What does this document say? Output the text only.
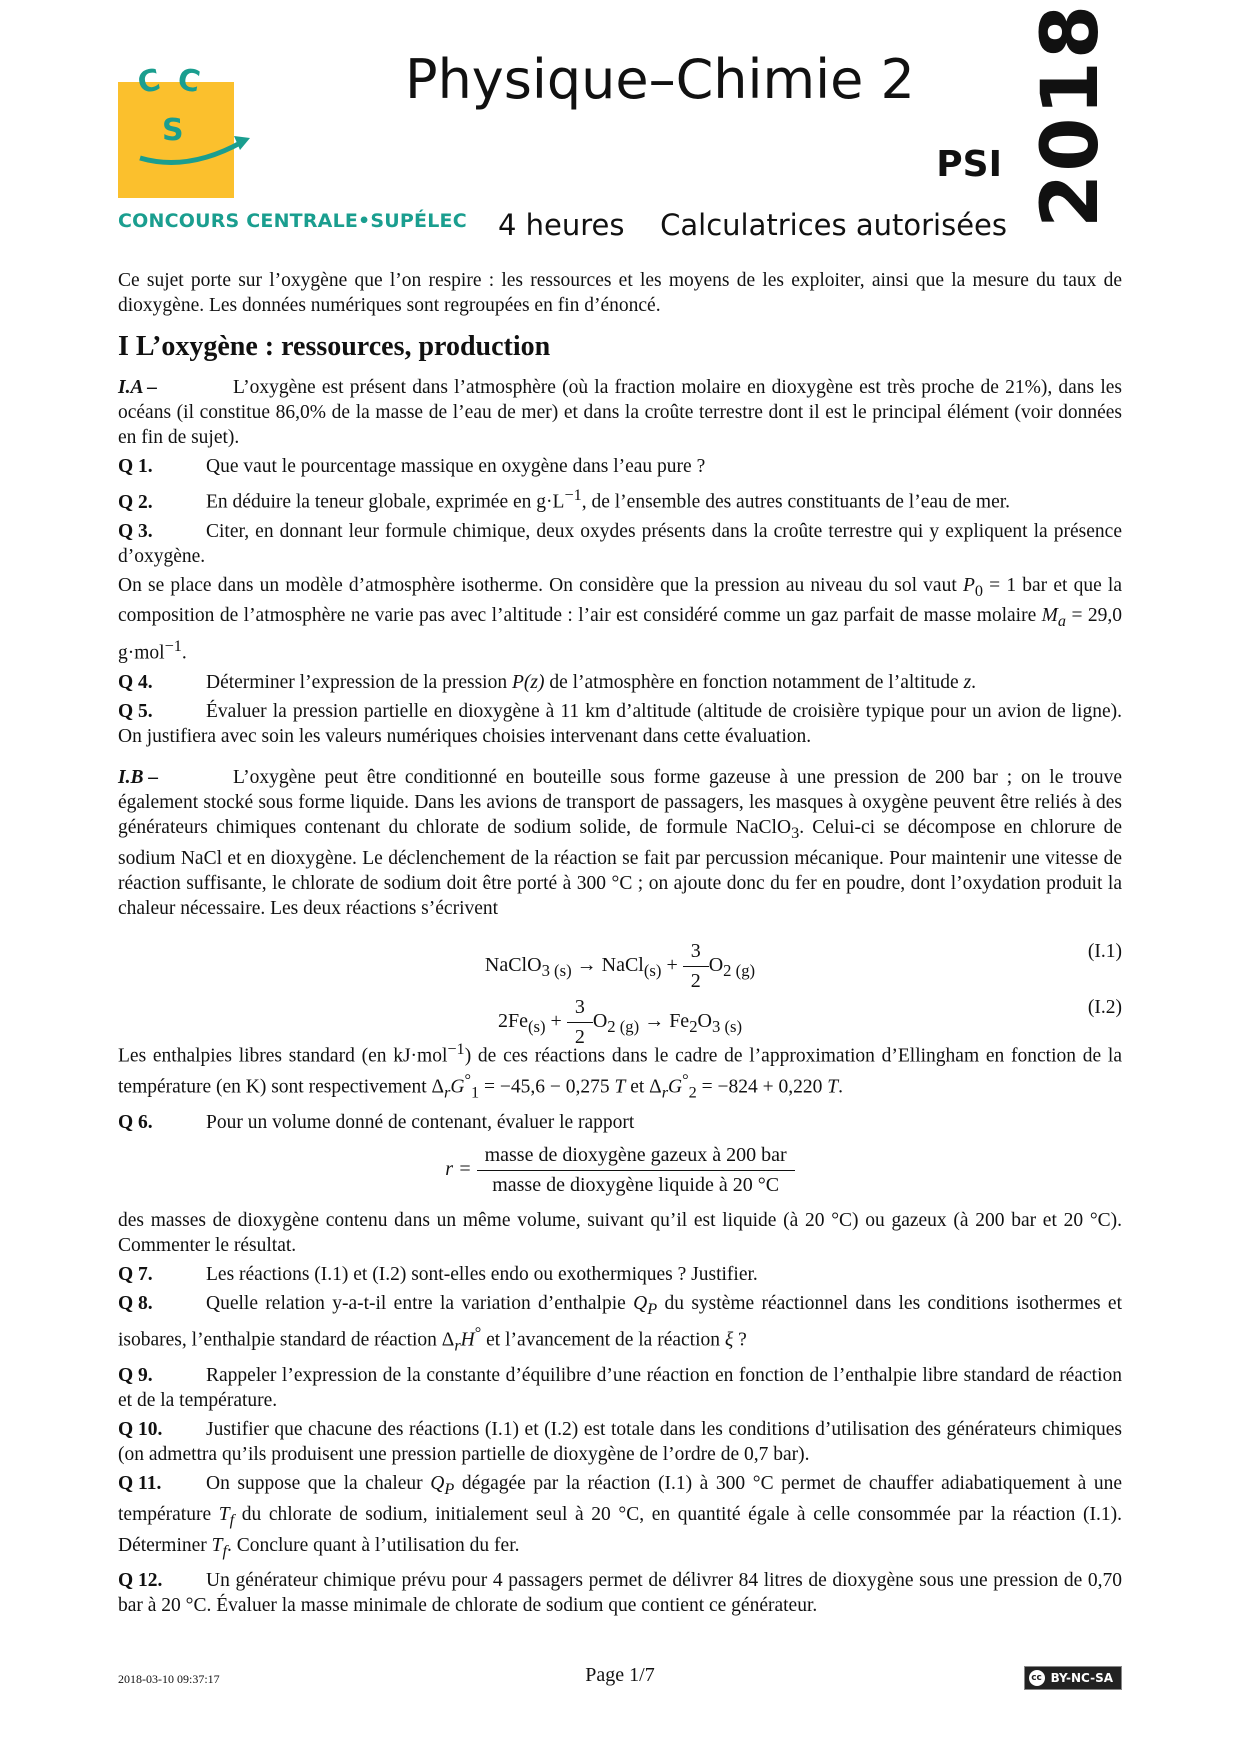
C C
S
CONCOURS CENTRALE•SUPÉLEC
Physique–Chimie 2
PSI
4 heures Calculatrices autorisées 2018

Ce sujet porte sur l’oxygène que l’on respire : les ressources et les moyens de les exploiter, ainsi que la mesure du taux de dioxygène. Les données numériques sont regroupées en fin d’énoncé.

I L’oxygène : ressources, production

I.A –	L’oxygène est présent dans l’atmosphère (où la fraction molaire en dioxygène est très proche de 21%), dans les océans (il constitue 86,0% de la masse de l’eau de mer) et dans la croûte terrestre dont il est le principal élément (voir données en fin de sujet).

Q 1.	Que vaut le pourcentage massique en oxygène dans l’eau pure ?

Q 2.	En déduire la teneur globale, exprimée en $g\cdot L^{-1}$, de l’ensemble des autres constituants de l’eau de mer.

Q 3.	Citer, en donnant leur formule chimique, deux oxydes présents dans la croûte terrestre qui y expliquent la présence d’oxygène.

On se place dans un modèle d’atmosphère isotherme. On considère que la pression au niveau du sol vaut $P_0 = 1$ bar et que la composition de l’atmosphère ne varie pas avec l’altitude : l’air est considéré comme un gaz parfait de masse molaire $M_a = 29,0$ g·mol$^{-1}$.

Q 4.	Déterminer l’expression de la pression P(z) de l’atmosphère en fonction notamment de l’altitude z.

Q 5.	Évaluer la pression partielle en dioxygène à 11 km d’altitude (altitude de croisière typique pour un avion de ligne). On justifiera avec soin les valeurs numériques choisies intervenant dans cette évaluation.

I.B –	L’oxygène peut être conditionné en bouteille sous forme gazeuse à une pression de 200 bar ; on le trouve également stocké sous forme liquide. Dans les avions de transport de passagers, les masques à oxygène peuvent être reliés à des générateurs chimiques contenant du chlorate de sodium solide, de formule NaClO$_3$. Celui-ci se décompose en chlorure de sodium NaCl et en dioxygène. Le déclenchement de la réaction se fait par percussion mécanique. Pour maintenir une vitesse de réaction suffisante, le chlorate de sodium doit être porté à 300 °C ; on ajoute donc du fer en poudre, dont l’oxydation produit la chaleur nécessaire. Les deux réactions s’écrivent

NaClO$_{3 (s)}$ → NaCl$_{(s)}$ + $\frac{3}{2} O_{2 (g)}$
(I.1)
$2Fe_{(s)} + \frac{3}{2} O_{2 (g)} \to Fe_2O_{3 (s)}$
(I.2)

Les enthalpies libres standard (en kJ·mol$^{-1}$) de ces réactions dans le cadre de l’approximation d’Ellingham en fonction de la température (en K) sont respectivement $\Delta_rG^\circ_1 = -45,6 - 0,275$ T et $\Delta_rG^\circ_2 = -824 + 0,220$ T.

Q 6.	Pour un volume donné de contenant, évaluer le rapport

$r = \frac{\text{masse de dioxygène gazeux à 200 bar}}{\text{masse de dioxygène liquide à 20 °C}}$

des masses de dioxygène contenu dans un même volume, suivant qu’il est liquide (à 20 °C) ou gazeux (à 200 bar et 20 °C). Commenter le résultat.

Q 7.	Les réactions (I.1) et (I.2) sont-elles endo ou exothermiques ? Justifier.

Q 8.	Quelle relation y-a-t-il entre la variation d’enthalpie $Q_P$ du système réactionnel dans les conditions isothermes et isobares, l’enthalpie standard de réaction $\Delta_rH^\circ$ et l’avancement de la réaction ξ ?

Q 9.	Rappeler l’expression de la constante d’équilibre d’une réaction en fonction de l’enthalpie libre standard de réaction et de la température.

Q 10. Justifier que chacune des réactions (I.1) et (I.2) est totale dans les conditions d’utilisation des générateurs chimiques (on admettra qu’ils produisent une pression partielle de dioxygène de l’ordre de 0,7 bar).

Q 11. On suppose que la chaleur $Q_P$ dégagée par la réaction (I.1) à 300 °C permet de chauffer adiabatiquement à une température $T_f$ du chlorate de sodium, initialement seul à 20 °C, en quantité égale à celle consommée par la réaction (I.1). Déterminer $T_f$. Conclure quant à l’utilisation du fer.

Q 12. Un générateur chimique prévu pour 4 passagers permet de délivrer 84 litres de dioxygène sous une pression de 0,70 bar à 20 °C. Évaluer la masse minimale de chlorate de sodium que contient ce générateur.

2018-03-10 09:37:17	Page 1/7	cc BY-NC-SA
